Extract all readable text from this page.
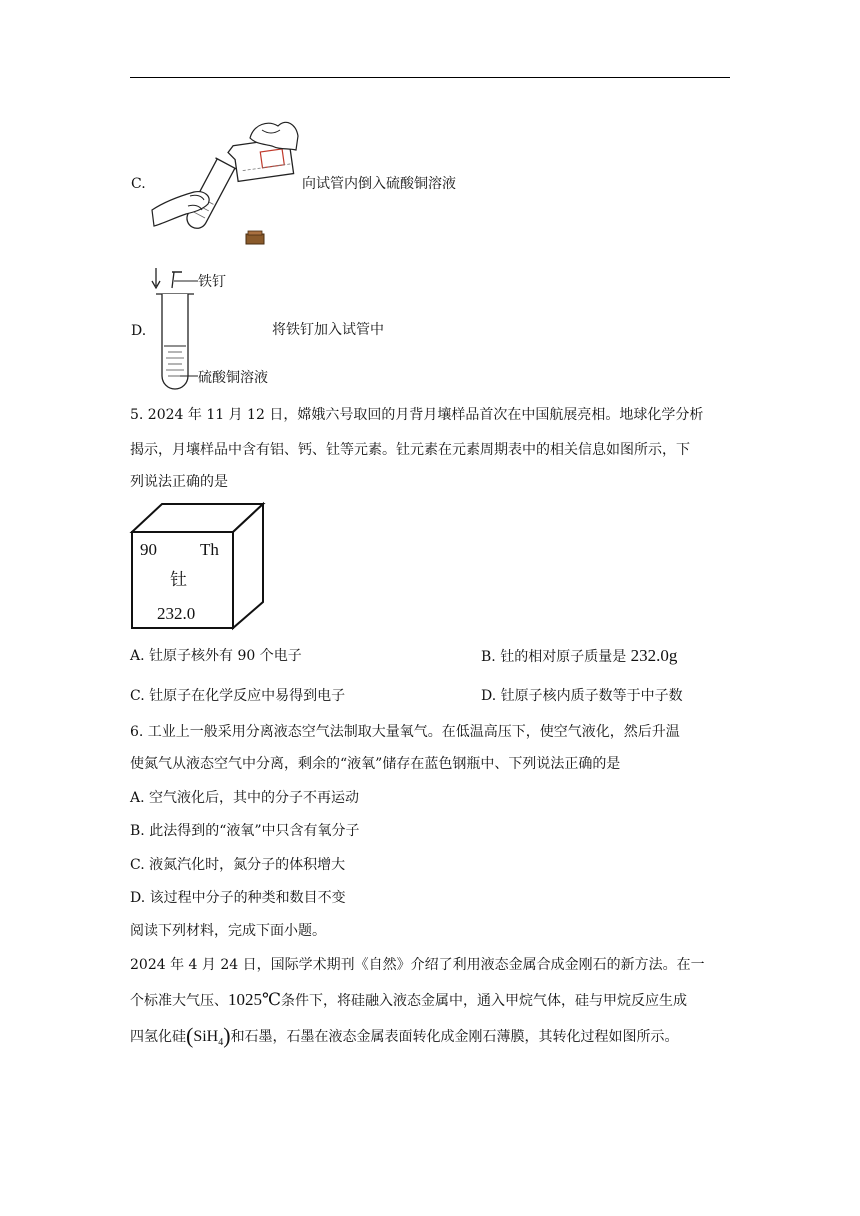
C.	向试管内倒入硫酸铜溶液
D.
铁钉
硫酸铜溶液
将铁钉加入试管中
5. 2024 年 11 月 12 日，嫦娥六号取回的月背月壤样品首次在中国航展亮相。地球化学分析
揭示，月壤样品中含有铝、钙、钍等元素。钍元素在元素周期表中的相关信息如图所示，下
列说法正确的是
90	Th
钍
232.0
A. 钍原子核外有 90 个电子	B. 钍的相对原子质量是 232.0g
C. 钍原子在化学反应中易得到电子	D. 钍原子核内质子数等于中子数
6. 工业上一般采用分离液态空气法制取大量氧气。在低温高压下，使空气液化，然后升温
使氮气从液态空气中分离，剩余的“液氧”储存在蓝色钢瓶中、下列说法正确的是
A. 空气液化后，其中的分子不再运动
B. 此法得到的“液氧”中只含有氧分子
C. 液氮汽化时，氮分子的体积增大
D. 该过程中分子的种类和数目不变
阅读下列材料，完成下面小题。
2024 年 4 月 24 日，国际学术期刊《自然》介绍了利用液态金属合成金刚石的新方法。在一
个标准大气压、1025℃条件下，将硅融入液态金属中，通入甲烷气体，硅与甲烷反应生成
四氢化硅(SiH$_4$)和石墨，石墨在液态金属表面转化成金刚石薄膜，其转化过程如图所示。
